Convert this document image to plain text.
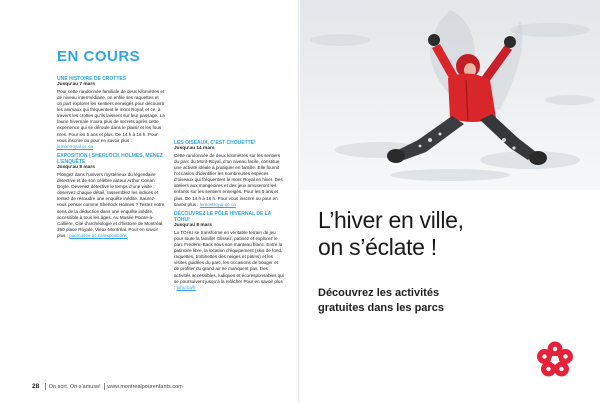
EN COURS
UNE HISTOIRE DE CROTTES
Jusqu’au 7 mars
Pour cette randonnée familiale de deux kilomètres et de niveau intermédiaire, on enfile ses raquettes et on part explorer les sentiers enneigés pour découvrir les animaux qui fréquentent le mont Royal, et ce, à travers les crottes qu’ils laissent sur leur passage. La faune hivernale n’aura plus de secrets après cette expérience qui se déroule dans le plaisir et les fous rires. Pour les 5 ans et plus. De 14 h à 16 h. Pour vous inscrire ou pour en savoir plus : lemontroyal.qc.ca
EXPOSITION | SHERLOCK HOLMES, MENEZ L’ENQUÊTE
Jusqu’au 8 mars
Plongez dans l’univers mystérieux du légendaire détective et de son célèbre auteur Arthur Conan Doyle. Devenez détective le temps d’une visite : observez chaque détail, rassemblez les indices et tentez de résoudre une enquête inédite. Saurez-vous penser comme Sherlock Holmes ? Testez votre sens de la déduction dans une enquête inédite, accessible à tous les âges. Au Musée Pointe-à-Callière, Cité d’archéologie et d’histoire de Montréal, 350 place Royale, Vieux-Montréal. Pour en savoir plus : pacmusee.qc.ca/expositions
LES OISEAUX, C’EST CHOUETTE!
Jusqu’au 14 mars
Cette randonnée de deux kilomètres sur les sentiers du parc du Mont-Royal, d’un niveau facile, constitue une activité idéale à pratiquer en famille. Elle fournit l’occasion d’identifier les nombreuses espèces d’oiseaux qui fréquentent le mont Royal en hiver. Des ateliers aux mangeoires et des jeux amuseront les enfants sur les sentiers enneigés. Pour les 5 ans et plus. De 14 h à 16 h. Pour vous inscrire ou pour en savoir plus : lemontroyal.qc.ca
DÉCOUVREZ LE PÔLE HIVERNAL DE LA TOHU!
Jusqu’au 8 mars
La TOHU se transforme en véritable terrain de jeu pour toute la famille! Glissez, patinez et explorez le parc Frédéric-Back sous son manteau blanc. Entre la patinoire libre, la location d’équipement (skis de fond, raquettes, trottinettes des neiges et patins) et les visites guidées du parc, les occasions de bouger et de profiter du grand air ne manquent pas. Des activités accessibles, ludiques et écoresponsables qui se poursuivent jusqu’à la relâche! Pour en savoir plus : tohu.ca/fr
28 On sort. On s’amuse! www.montrealpourenfants.com
L’hiver en ville,
on s’éclate !
Découvrez les activités
gratuites dans les parcs
